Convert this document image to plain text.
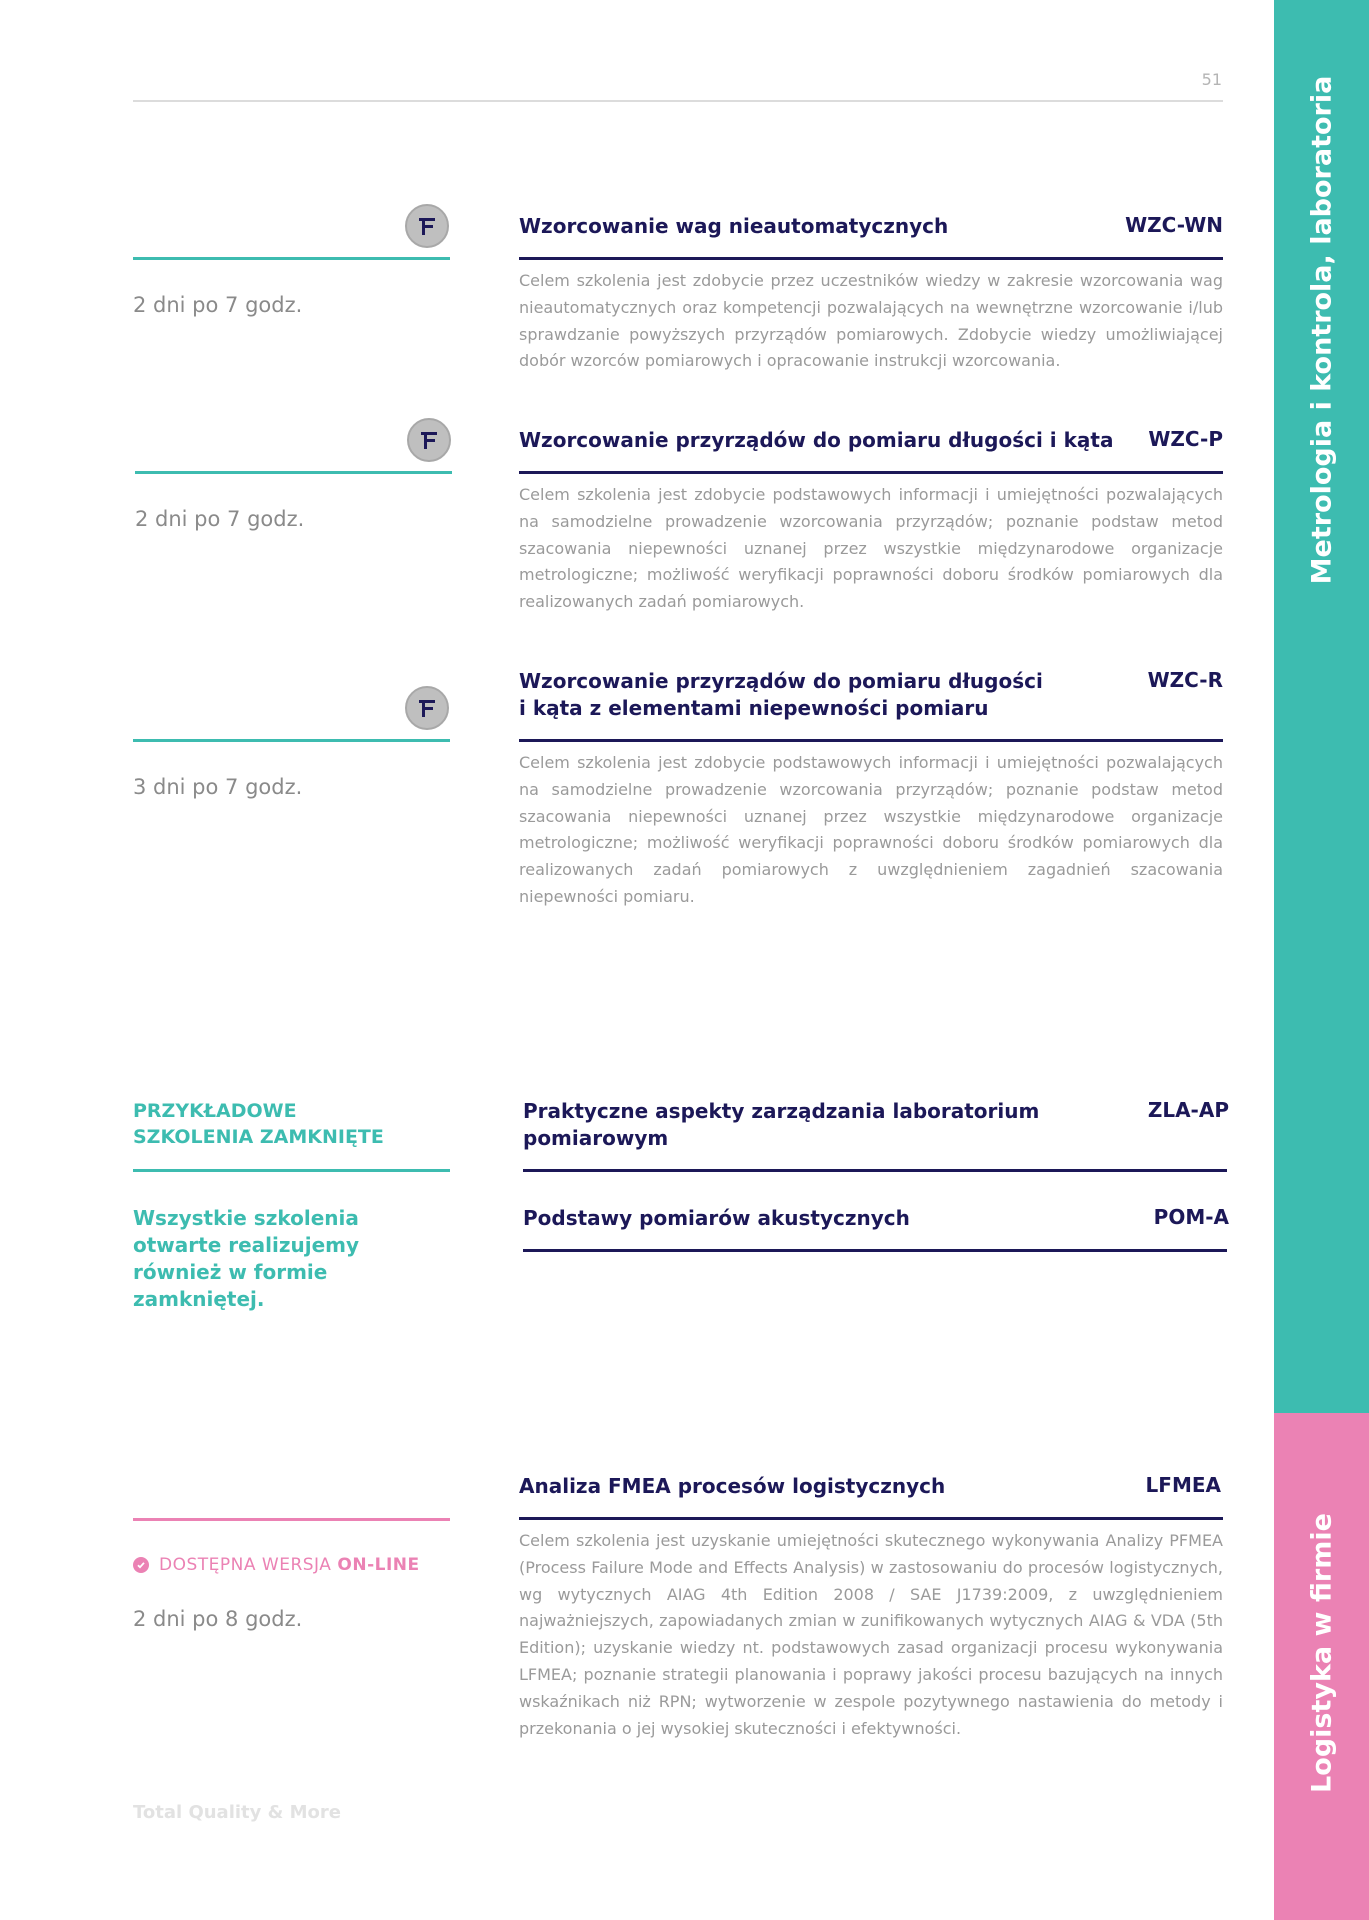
51	Metrologia i kontrola, laboratoria
Logistyka w firmie
2 dni po 7 godz.
Wzorcowanie wag nieautomatycznych	WZC-WN
Celem szkolenia jest zdobycie przez uczestników wiedzy w zakresie wzorcowania wag nieautomatycznych oraz kompetencji pozwalających na wewnętrzne wzorcowanie i/lub sprawdzanie powyższych przyrządów pomiarowych. Zdobycie wiedzy umożliwiającej dobór wzorców pomiarowych i opracowanie instrukcji wzorcowania.
2 dni po 7 godz.
Wzorcowanie przyrządów do pomiaru długości i kąta	WZC-P
Celem szkolenia jest zdobycie podstawowych informacji i umiejętności pozwalających na samodzielne prowadzenie wzorcowania przyrządów; poznanie podstaw metod szacowania niepewności uznanej przez wszystkie międzynarodowe organizacje metrologiczne; możliwość weryfikacji poprawności doboru środków pomiarowych dla realizowanych zadań pomiarowych.
3 dni po 7 godz.
Wzorcowanie przyrządów do pomiaru długości
i kąta z elementami niepewności pomiaru
WZC-R
Celem szkolenia jest zdobycie podstawowych informacji i umiejętności pozwalających na samodzielne prowadzenie wzorcowania przyrządów; poznanie podstaw metod szacowania niepewności uznanej przez wszystkie międzynarodowe organizacje metrologiczne; możliwość weryfikacji poprawności doboru środków pomiarowych dla realizowanych zadań pomiarowych z uwzględnieniem zagadnień szacowania niepewności pomiaru.
PRZYKŁADOWE
SZKOLENIA ZAMKNIĘTE
Wszystkie szkolenia otwarte realizujemy również w formie zamkniętej.
Praktyczne aspekty zarządzania laboratorium
pomiarowym
ZLA-AP
Podstawy pomiarów akustycznych	POM-A
DOSTĘPNA WERSJA ON-LINE
2 dni po 8 godz.
Analiza FMEA procesów logistycznych	LFMEA
Celem szkolenia jest uzyskanie umiejętności skutecznego wykonywania Analizy PFMEA (Process Failure Mode and Effects Analysis) w zastosowaniu do procesów logistycznych, wg wytycznych AIAG 4th Edition 2008 / SAE J1739:2009, z uwzględnieniem najważniejszych, zapowiadanych zmian w zunifikowanych wytycznych AIAG & VDA (5th Edition); uzyskanie wiedzy nt. podstawowych zasad organizacji procesu wykonywania LFMEA; poznanie strategii planowania i poprawy jakości procesu bazujących na innych wskaźnikach niż RPN; wytworzenie w zespole pozytywnego nastawienia do metody i przekonania o jej wysokiej skuteczności i efektywności.
Total Quality & More
